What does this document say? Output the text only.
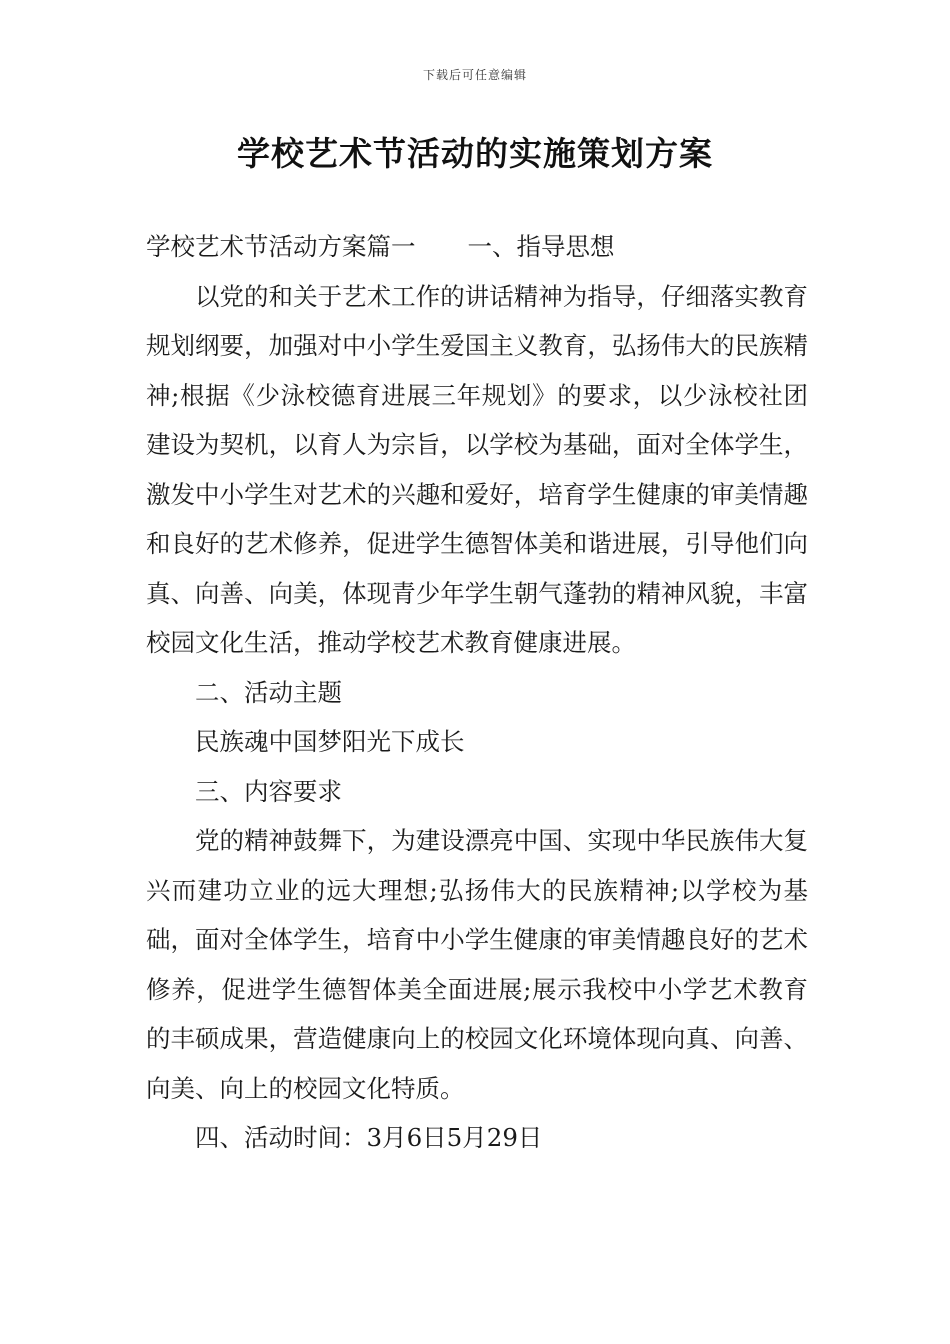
下载后可任意编辑
学校艺术节活动的实施策划方案

学校艺术节活动方案篇一 一、指导思想

以党的和关于艺术工作的讲话精神为指导，仔细落实教育规划纲要，加强对中小学生爱国主义教育，弘扬伟大的民族精神;根据《少泳校德育进展三年规划》的要求，以少泳校社团建设为契机，以育人为宗旨，以学校为基础，面对全体学生，激发中小学生对艺术的兴趣和爱好，培育学生健康的审美情趣和良好的艺术修养，促进学生德智体美和谐进展，引导他们向真、向善、向美，体现青少年学生朝气蓬勃的精神风貌，丰富校园文化生活，推动学校艺术教育健康进展。

二、活动主题

民族魂中国梦阳光下成长

三、内容要求

党的精神鼓舞下，为建设漂亮中国、实现中华民族伟大复兴而建功立业的远大理想;弘扬伟大的民族精神;以学校为基础，面对全体学生，培育中小学生健康的审美情趣良好的艺术修养，促进学生德智体美全面进展;展示我校中小学艺术教育的丰硕成果，营造健康向上的校园文化环境体现向真、向善、向美、向上的校园文化特质。

四、活动时间：3月6日5月29日
